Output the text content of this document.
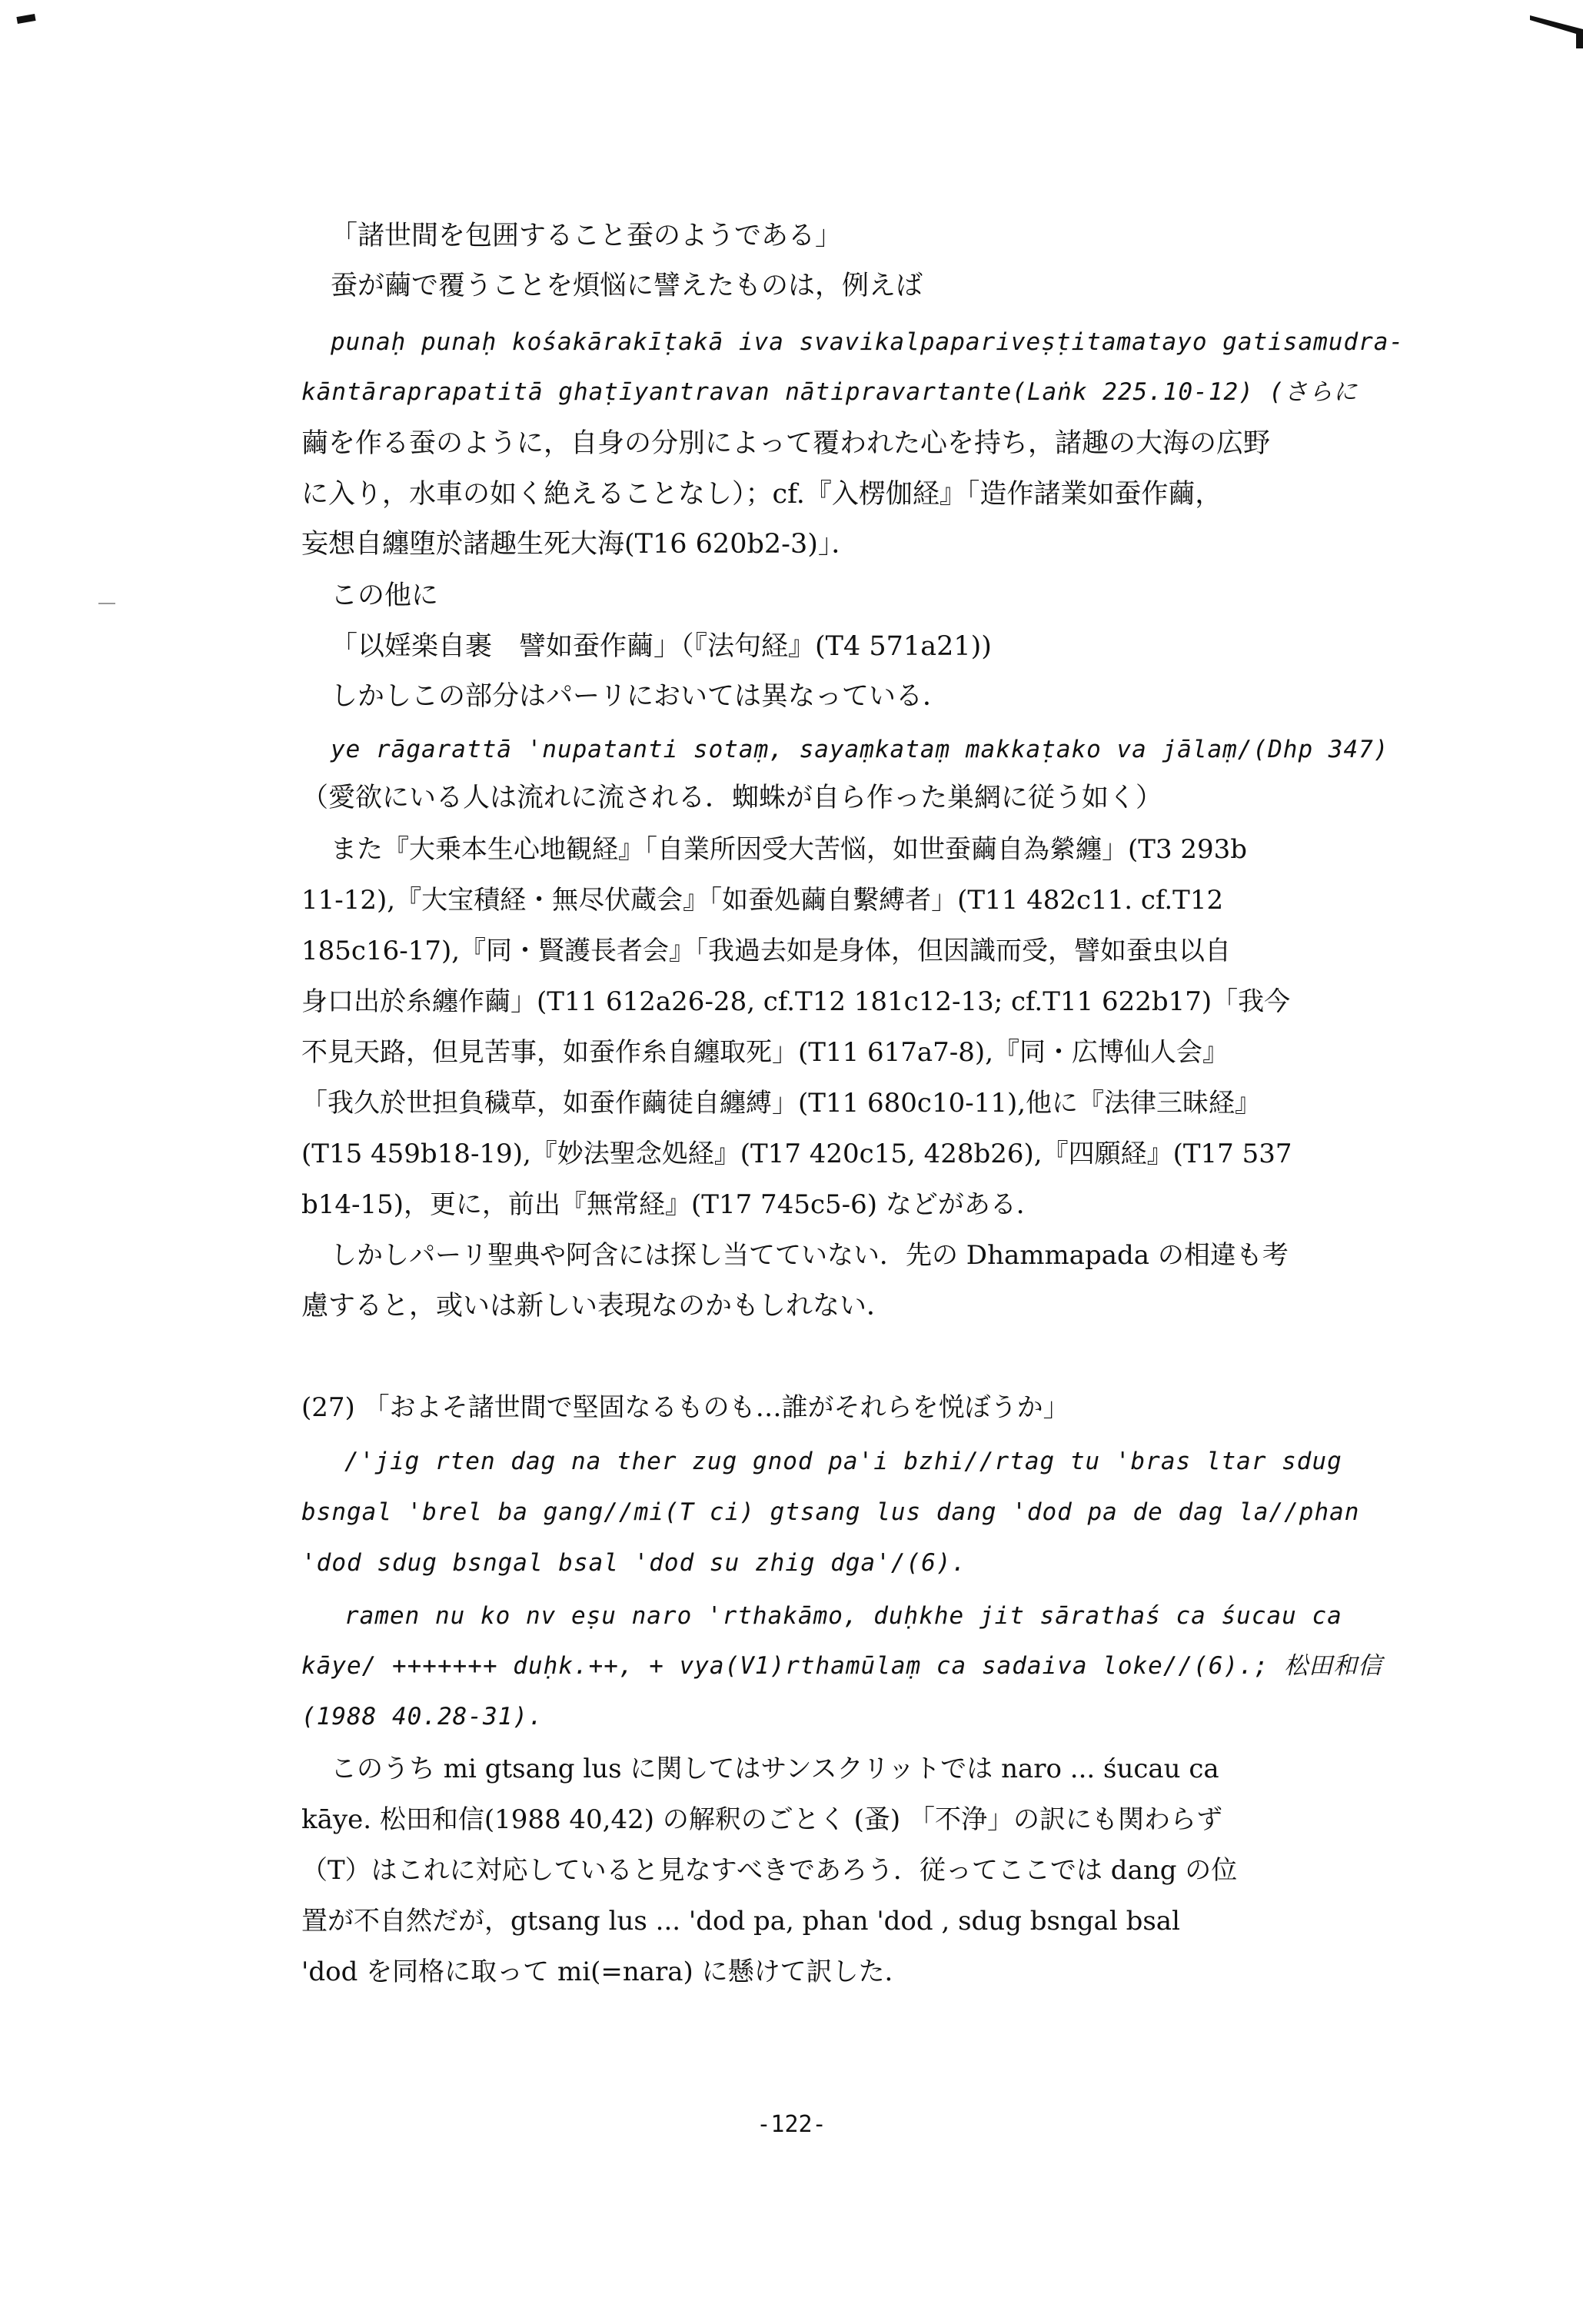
「諸世間を包囲すること蚕のようである」
蚕が繭で覆うことを煩悩に譬えたものは，例えば
punaḥ punaḥ kośakārakīṭakā iva svavikalpapariveṣṭitamatayo gatisamudra-
kāntāraprapatitā ghaṭīyantravan nātipravartante(Laṅk 225.10-12) (さらに
繭を作る蚕のように，自身の分別によって覆われた心を持ち，諸趣の大海の広野
に入り，水車の如く絶えることなし）；cf.『入楞伽経』「造作諸業如蚕作繭，
妄想自纏堕於諸趣生死大海(T16 620b2-3)」．
この他に
「以婬楽自裹　譬如蚕作繭」（『法句経』(T4 571a21))
しかしこの部分はパーリにおいては異なっている．
ye rāgarattā 'nupatanti sotaṃ, sayaṃkataṃ makkaṭako va jālaṃ/(Dhp 347)
（愛欲にいる人は流れに流される．蜘蛛が自ら作った巣網に従う如く）
また『大乗本生心地観経』「自業所因受大苦悩，如世蚕繭自為縈纏」(T3 293b
11-12),『大宝積経・無尽伏蔵会』「如蚕処繭自繫縛者」(T11 482c11. cf.T12
185c16-17),『同・賢護長者会』「我過去如是身体，但因識而受，譬如蚕虫以自
身口出於糸纏作繭」(T11 612a26-28, cf.T12 181c12-13; cf.T11 622b17)「我今
不見天路，但見苦事，如蚕作糸自纏取死」(T11 617a7-8),『同・広博仙人会』
「我久於世担負穢草，如蚕作繭徒自纏縛」(T11 680c10-11),他に『法律三昧経』
(T15 459b18-19),『妙法聖念処経』(T17 420c15, 428b26),『四願経』(T17 537
b14-15)，更に，前出『無常経』(T17 745c5-6) などがある．
しかしパーリ聖典や阿含には探し当てていない．先の Dhammapada の相違も考
慮すると，或いは新しい表現なのかもしれない．
(27) 「およそ諸世間で堅固なるものも…誰がそれらを悦ぼうか」
/'jig rten dag na ther zug gnod pa'i bzhi//rtag tu 'bras ltar sdug
bsngal 'brel ba gang//mi(T ci) gtsang lus dang 'dod pa de dag la//phan
'dod sdug bsngal bsal 'dod su zhig dga'/(6).
ramen nu ko nv eṣu naro 'rthakāmo, duḥkhe jit sārathaś ca śucau ca
kāye/ +++++++ duḥk.++, + vya(V1)rthamūlaṃ ca sadaiva loke//(6).; 松田和信
(1988 40.28-31).
このうち mi gtsang lus に関してはサンスクリットでは naro ... śucau ca
kāye. 松田和信(1988 40,42) の解釈のごとく (蚤) 「不浄」の訳にも関わらず
（T）はこれに対応していると見なすべきであろう．従ってここでは dang の位
置が不自然だが，gtsang lus ... 'dod pa, phan 'dod , sdug bsngal bsal
'dod を同格に取って mi(=nara) に懸けて訳した．
-122-
